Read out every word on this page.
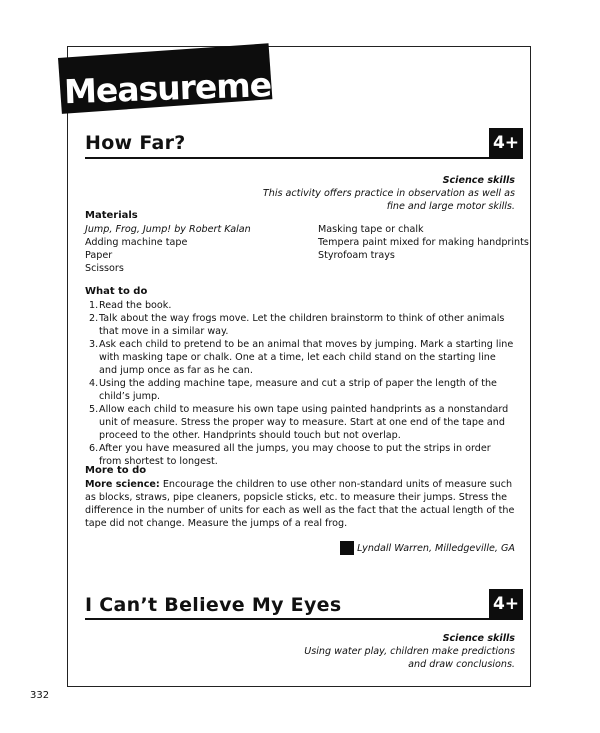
Measurement
How Far?	4+
Science skills
This activity offers practice in observation as well as
fine and large motor skills.
Materials
Jump, Frog, Jump! by Robert Kalan
Adding machine tape
Paper
Scissors
Masking tape or chalk
Tempera paint mixed for making handprints
Styrofoam trays
What to do
1.Read the book.
2.Talk about the way frogs move. Let the children brainstorm to think of other animals that move in a similar way.
3.Ask each child to pretend to be an animal that moves by jumping. Mark a starting line with masking tape or chalk. One at a time, let each child stand on the starting line and jump once as far as he can.
4.Using the adding machine tape, measure and cut a strip of paper the length of the child’s jump.
5.Allow each child to measure his own tape using painted handprints as a nonstandard unit of measure. Stress the proper way to measure. Start at one end of the tape and proceed to the other. Handprints should touch but not overlap.
6.After you have measured all the jumps, you may choose to put the strips in order from shortest to longest.
More to do
More science: Encourage the children to use other non-standard units of measure such as blocks, straws, pipe cleaners, popsicle sticks, etc. to measure their jumps. Stress the difference in the number of units for each as well as the fact that the actual length of the tape did not change. Measure the jumps of a real frog.
Lyndall Warren, Milledgeville, GA
I Can’t Believe My Eyes	4+
Science skills
Using water play, children make predictions
and draw conclusions.
332
